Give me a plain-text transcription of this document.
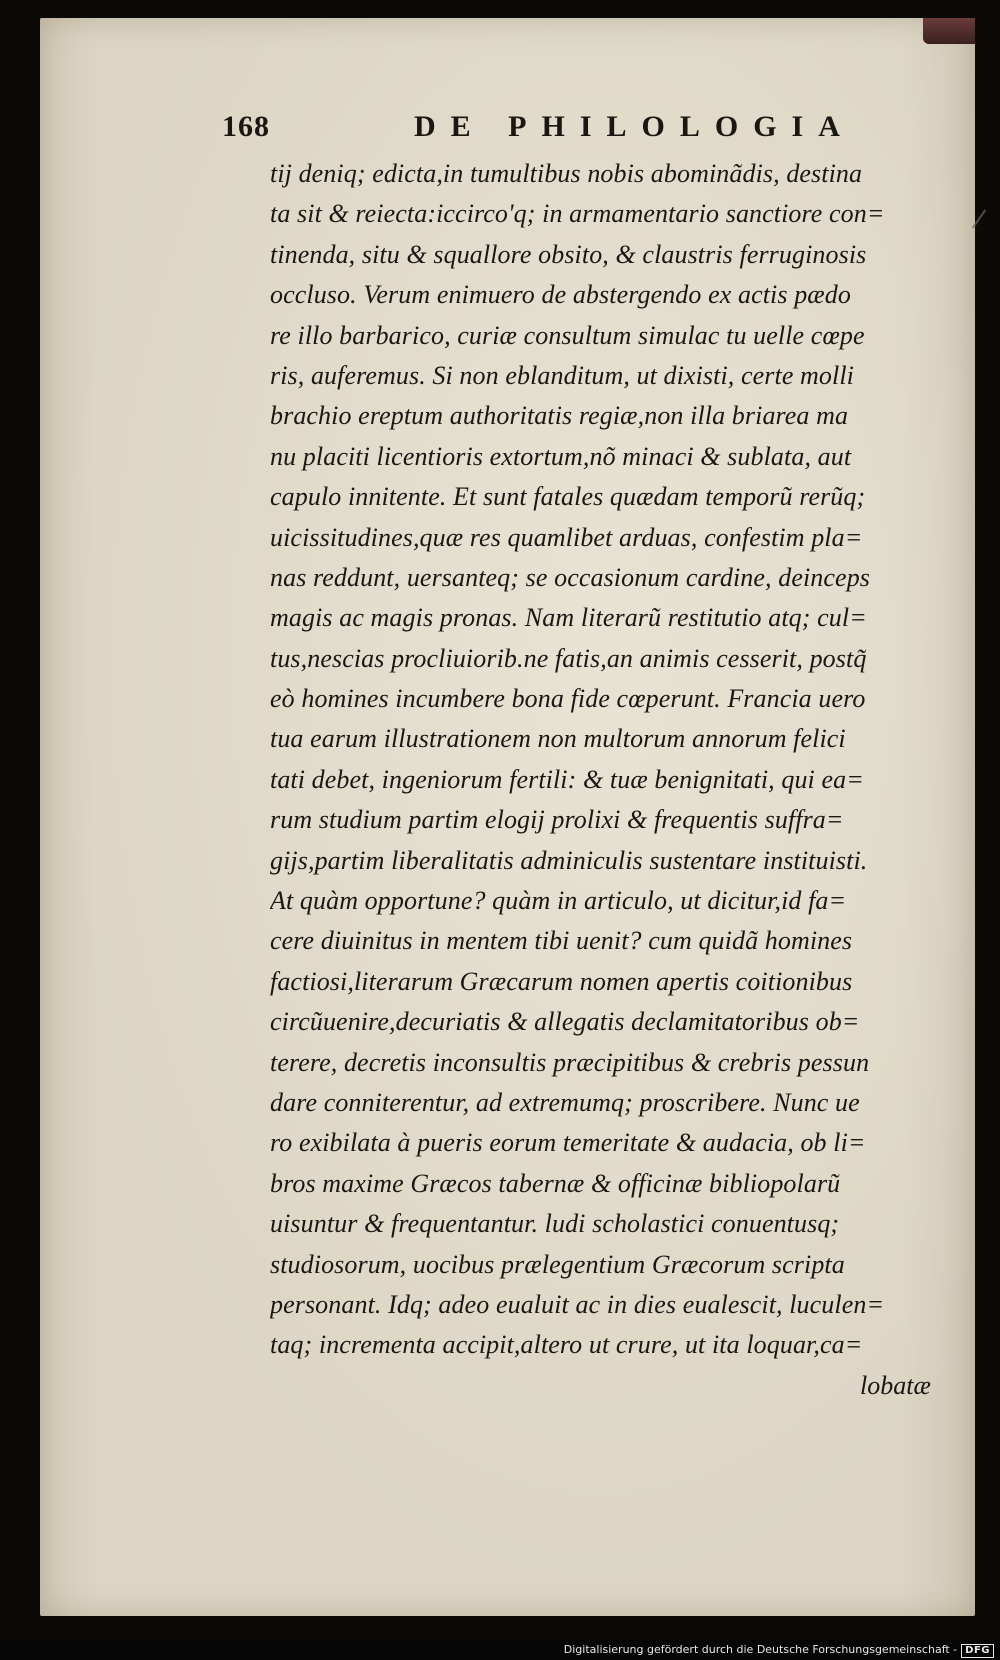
168	DE PHILOLOGIA
tij deniq; edicta,in tumultibus nobis abominãdis, destina
ta sit & reiecta:iccirco'q; in armamentario sanctiore con=
tinenda, situ & squallore obsito, & claustris ferruginosis
occluso. Verum enimuero de abstergendo ex actis pædo
re illo barbarico, curiæ consultum simulac tu uelle cœpe
ris, auferemus. Si non eblanditum, ut dixisti, certe molli
brachio ereptum authoritatis regiæ,non illa briarea ma
nu placiti licentioris extortum,nõ minaci & sublata, aut
capulo innitente. Et sunt fatales quædam temporũ rerũq;
uicissitudines,quæ res quamlibet arduas, confestim pla=
nas reddunt, uersanteq; se occasionum cardine, deinceps
magis ac magis pronas. Nam literarũ restitutio atq; cul=
tus,nescias procliuiorib.ne fatis,an animis cesserit, postq̃
eò homines incumbere bona fide cœperunt. Francia uero
tua earum illustrationem non multorum annorum felici
tati debet, ingeniorum fertili: & tuæ benignitati, qui ea=
rum studium partim elogij prolixi & frequentis suffra=
gijs,partim liberalitatis adminiculis sustentare instituisti.
At quàm opportune? quàm in articulo, ut dicitur,id fa=
cere diuinitus in mentem tibi uenit? cum quidã homines
factiosi,literarum Græcarum nomen apertis coitionibus
circũuenire,decuriatis & allegatis declamitatoribus ob=
terere, decretis inconsultis præcipitibus & crebris pessun
dare conniterentur, ad extremumq; proscribere. Nunc ue
ro exibilata à pueris eorum temeritate & audacia, ob li=
bros maxime Græcos tabernæ & officinæ bibliopolarũ
uisuntur & frequentantur. ludi scholastici conuentusq;
studiosorum, uocibus prælegentium Græcorum scripta
personant. Idq; adeo eualuit ac in dies eualescit, luculen=
taq; incrementa accipit,altero ut crure, ut ita loquar,ca=
lobatæ
Digitalisierung gefördert durch die Deutsche Forschungsgemeinschaft - DFG
